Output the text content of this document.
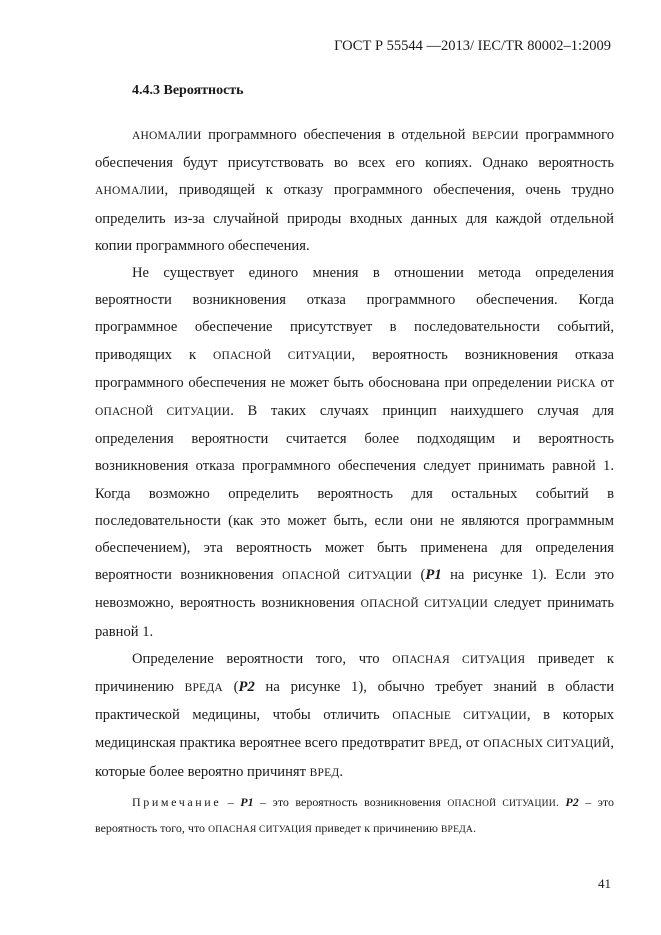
ГОСТ Р 55544 —2013/ IEC/TR 80002–1:2009
4.4.3 Вероятность

АНОМАЛИИ программного обеспечения в отдельной ВЕРСИИ программного обеспечения будут присутствовать во всех его копиях. Однако вероятность АНОМАЛИИ, приводящей к отказу программного обеспечения, очень трудно определить из-за случайной природы входных данных для каждой отдельной копии программного обеспечения.

Не существует единого мнения в отношении метода определения вероятности возникновения отказа программного обеспечения. Когда программное обеспечение присутствует в последовательности событий, приводящих к ОПАСНОЙ СИТУАЦИИ, вероятность возникновения отказа программного обеспечения не может быть обоснована при определении РИСКА от ОПАСНОЙ СИТУАЦИИ. В таких случаях принцип наихудшего случая для определения вероятности считается более подходящим и вероятность возникновения отказа программного обеспечения следует принимать равной 1. Когда возможно определить вероятность для остальных событий в последовательности (как это может быть, если они не являются программным обеспечением), эта вероятность может быть применена для определения вероятности возникновения ОПАСНОЙ СИТУАЦИИ (P1 на рисунке 1). Если это невозможно, вероятность возникновения ОПАСНОЙ СИТУАЦИИ следует принимать равной 1.

Определение вероятности того, что ОПАСНАЯ СИТУАЦИЯ приведет к причинению ВРЕДА (P2 на рисунке 1), обычно требует знаний в области практической медицины, чтобы отличить ОПАСНЫЕ СИТУАЦИИ, в которых медицинская практика вероятнее всего предотвратит ВРЕД, от ОПАСНЫХ СИТУАЦИЙ, которые более вероятно причинят ВРЕД.

Примечание – P1 – это вероятность возникновения ОПАСНОЙ СИТУАЦИИ. P2 – это вероятность того, что ОПАСНАЯ СИТУАЦИЯ приведет к причинению ВРЕДА.

41
